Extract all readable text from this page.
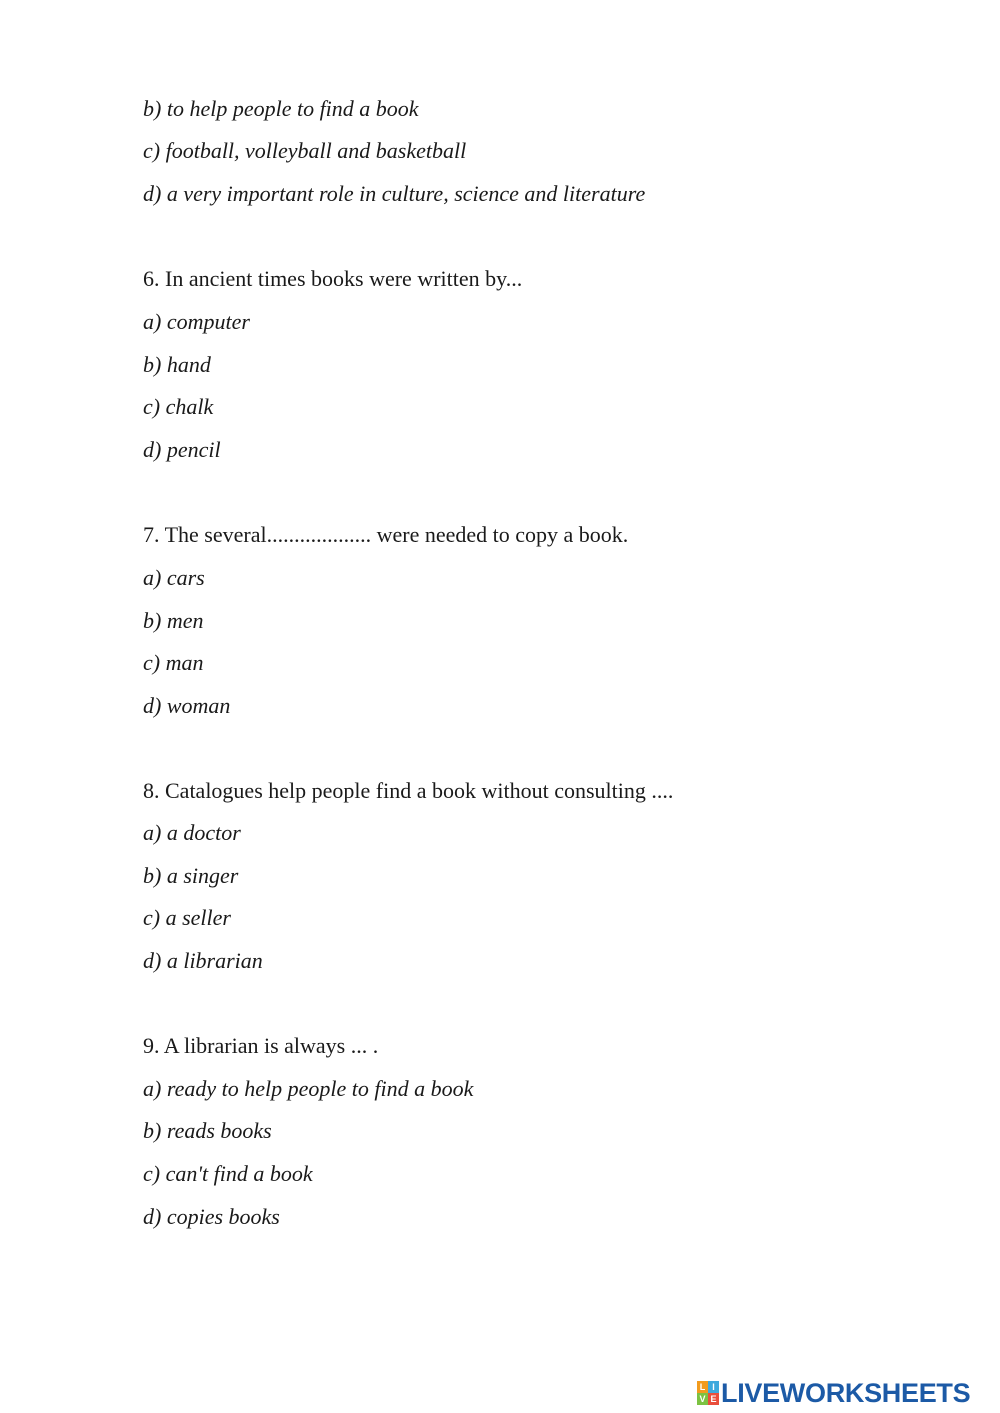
b) to help people to find a book
c) football, volleyball and basketball
d) a very important role in culture, science and literature
6. In ancient times books were written by...
a) computer
b) hand
c) chalk
d) pencil
7. The several................... were needed to copy a book.
a) cars
b) men
c) man
d) woman
8. Catalogues help people find a book without consulting ....
a) a doctor
b) a singer
c) a seller
d) a librarian
9. A librarian is always ... .
a) ready to help people to find a book
b) reads books
c) can't find a book
d) copies books
L I
V E LIVEWORKSHEETS
